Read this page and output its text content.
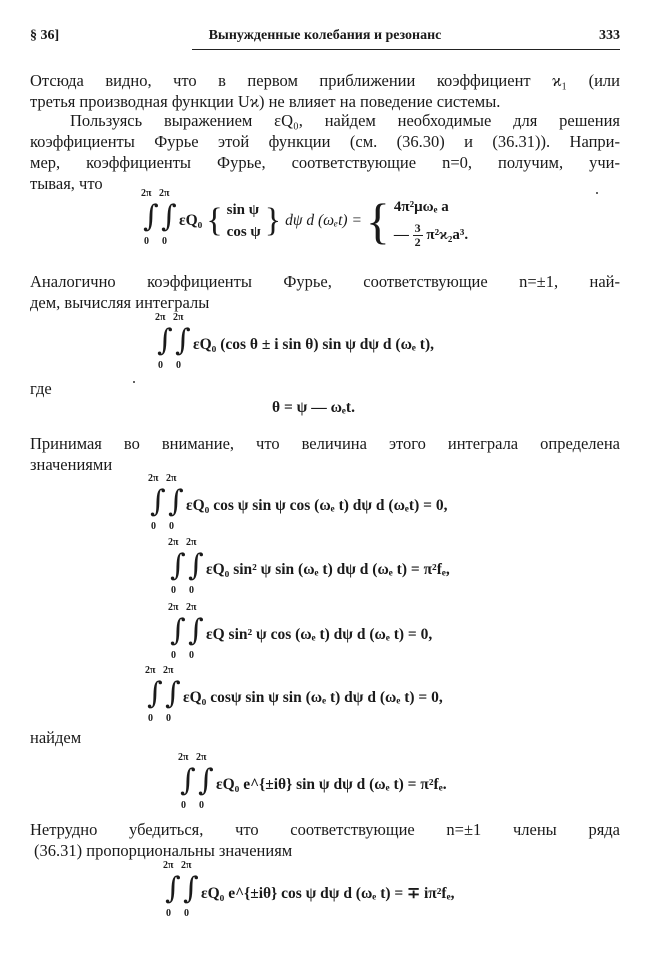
§ 36]	Вынужденные колебания и резонанс	333
Отсюда видно, что в первом приближении коэффициент ϰ₁ (или
третья производная функции Uϰ) не влияет на поведение системы.
Пользуясь выражением εQ₀, найдем необходимые для решения
коэффициенты Фурье этой функции (см. (36.30) и (36.31)). Напри-
мер, коэффициенты Фурье, соответствующие n=0, получим, учи-
тывая, что
2π
∫
0

2π
∫
0
εQ₀ { sin ψ
cos ψ } dψ d (ωₑt) = { 4π²μωₑ a
— $\frac{3}{2} \pi^2ϰ_2a^3$.
Аналогично коэффициенты Фурье, соответствующие n=±1, най-
дем, вычисляя интегралы
2π
∫
0

2π
∫
0
εQ₀ (cos θ ± i sin θ) sin ψ dψ d (ωₑ t),
где
θ = ψ — ωₑt.
Принимая во внимание, что величина этого интеграла определена
значениями
2π
∫
0

2π
∫
0
εQ₀ cos ψ sin ψ cos (ωₑ t) dψ d (ωₑt) = 0,
2π
∫
0

2π
∫
0
εQ₀ sin² ψ sin (ωₑ t) dψ d (ωₑ t) = π²fₑ,
2π
∫
0

2π
∫
0
εQ sin² ψ cos (ωₑ t) dψ d (ωₑ t) = 0,
2π
∫
0

2π
∫
0
εQ₀ cosψ sin ψ sin (ωₑ t) dψ d (ωₑ t) = 0,
найдем
2π
∫
0

2π
∫
0
εQ₀ e^{±iθ} sin ψ dψ d (ωₑ t) = π²fₑ.
Нетрудно убедиться, что соответствующие n=±1 члены ряда
(36.31) пропорциональны значениям
2π
∫
0

2π
∫
0
εQ₀ e^{±iθ} cos ψ dψ d (ωₑ t) = ∓ iπ²fₑ,
